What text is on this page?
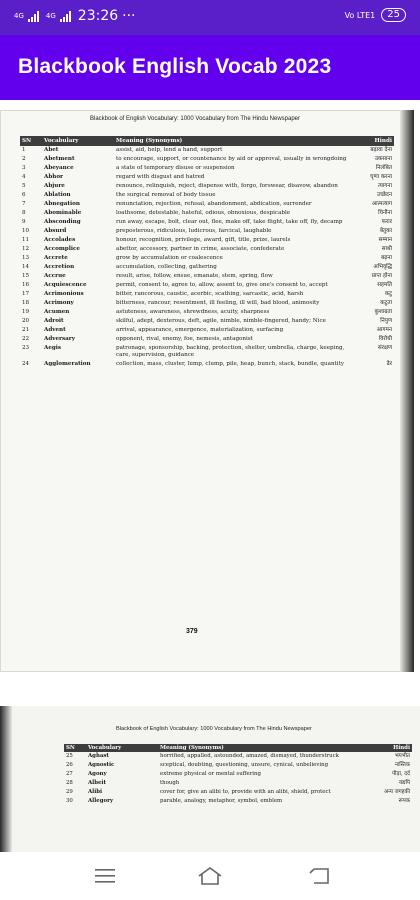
4G	4G 23:26 ···	Vo LTE1	25
Blackbook English Vocab 2023
Blackbook of English Vocabulary: 1000 Vocabulary from The Hindu Newspaper
SN	Vocabulary	Meaning (Synonyms)	Hindi
1	Abet	assist, aid, help, lend a hand, support	बढ़ावा देना
2	Abetment	to encourage, support, or countenance by aid or approval, usually in wrongdoing	उकसाना
3	Abeyance	a state of temporary disuse or suspension	निलंबित
4	Abhor	regard with disgust and hatred	घृणा करना
5	Abjure	renounce, relinquish, reject, dispense with, forgo, forswear, disavow, abandon	त्यागना
6	Ablation	the surgical removal of body tissue	उच्छेदन
7	Abnegation	renunciation, rejection, refusal, abandonment, abdication, surrender	आत्मत्याग
8	Abominable	loathsome, detestable, hateful, odious, obnoxious, despicable	घिनौना
9	Absconding	run away, escape, bolt, clear out, flee, make off, take flight, take off, fly, decamp	फरार
10	Absurd	preposterous, ridiculous, ludicrous, farcical, laughable	बेतुका
11	Accolades	honour, recognition, privilege, award, gift, title, prize, laurels	सम्मान
12	Accomplice	abettor, accessory, partner in crime, associate, confederate	साथी
13	Accrete	grow by accumulation or coalescence	बढ़ना
14	Accretion	accumulation, collecting, gathering	अभिवृद्धि
15	Accrue	result, arise, follow, ensue, emanate, stem, spring, flow	प्राप्त होना
16	Acquiescence	permit, consent to, agree to, allow, assent to, give one's consent to, accept	सहमति
17	Acrimonious	bitter, rancorous, caustic, acerbic, scathing, sarcastic, acid, harsh	कटु
18	Acrimony	bitterness, rancour, resentment, ill feeling, ill will, bad blood, animosity	कटुता
19	Acumen	astuteness, awareness, shrewdness, acuity, sharpness	कुशाग्रता
20	Adroit	skilful, adept, dexterous, deft, agile, nimble, nimble-fingered, handy; Nice	निपुण
21	Advent	arrival, appearance, emergence, materialization, surfacing	आगमन
22	Adversary	opponent, rival, enemy, foe, nemesis, antagonist	विरोधी
23	Aegis	patronage, sponsorship, backing, protection, shelter, umbrella, charge, keeping, care, supervision, guidance	संरक्षण
24	Agglomeration	collection, mass, cluster, lump, clump, pile, heap, bunch, stack, bundle, quantity	ढेर
379
Blackbook of English Vocabulary: 1000 Vocabulary from The Hindu Newspaper
SN	Vocabulary	Meaning (Synonyms)	Hindi
25	Aghast	horrified, appalled, astounded, amazed, dismayed, thunderstruck	भयभीत
26	Agnostic	sceptical, doubting, questioning, unsure, cynical, unbelieving	नास्तिक
27	Agony	extreme physical or mental suffering	पीड़ा, दर्द
28	Albeit	though	यद्यपि
29	Alibi	cover for, give an alibi to, provide with an alibi, shield, protect	अन्य जगहकी
30	Allegory	parable, analogy, metaphor, symbol, emblem	रूपक
